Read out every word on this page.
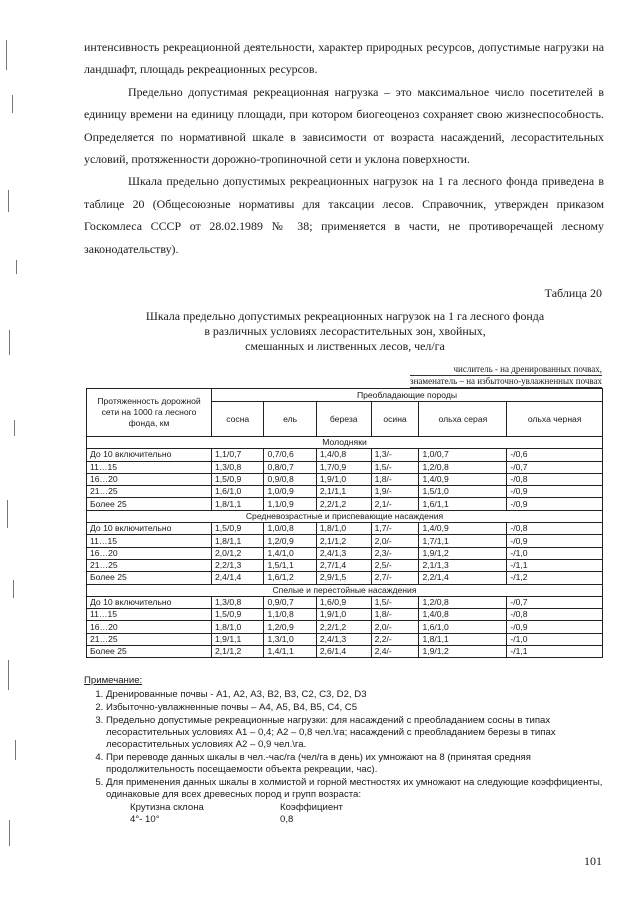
интенсивность рекреационной деятельности, характер природных ресурсов, допустимые нагрузки на ландшафт, площадь рекреационных ресурсов.
Предельно допустимая рекреационная нагрузка – это максимальное число посетителей в единицу времени на единицу площади, при котором биогеоценоз сохраняет свою жизнеспособность. Определяется по нормативной шкале в зависимости от возраста насаждений, лесорастительных условий, протяженности дорожно-тропиночной сети и уклона поверхности.
Шкала предельно допустимых рекреационных нагрузок на 1 га лесного фонда приведена в таблице 20 (Общесоюзные нормативы для таксации лесов. Справочник, утвержден приказом Госкомлеса СССР от 28.02.1989 № 38; применяется в части, не противоречащей лесному законодательству).
Таблица 20
Шкала предельно допустимых рекреационных нагрузок на 1 га лесного фонда
в различных условиях лесорастительных зон, хвойных,
смешанных и лиственных лесов, чел/га
числитель - на дренированных почвах,
знаменатель – на избыточно-увлажненных почвах
Протяженность дорожной сети на 1000 га лесного фонда, км	Преобладающие породы					
	сосна	ель	береза	осина	ольха серая	ольха черная
Молодняки						
До 10 включительно	1,1/0,7	0,7/0,6	1,4/0,8	1,3/-	1,0/0,7	-/0,6
11…15	1,3/0,8	0,8/0,7	1,7/0,9	1,5/-	1,2/0,8	-/0,7
16…20	1,5/0,9	0,9/0,8	1,9/1,0	1,8/-	1,4/0,9	-/0,8
21…25	1,6/1,0	1,0/0,9	2,1/1,1	1,9/-	1,5/1,0	-/0,9
Более 25	1,8/1,1	1,1/0,9	2,2/1,2	2,1/-	1,6/1,1	-/0,9
Средневозрастные и приспевающие насаждения						
До 10 включительно	1,5/0,9	1,0/0,8	1,8/1,0	1,7/-	1,4/0,9	-/0,8
11…15	1,8/1,1	1,2/0,9	2,1/1,2	2,0/-	1,7/1,1	-/0,9
16…20	2,0/1,2	1,4/1,0	2,4/1,3	2,3/-	1,9/1,2	-/1,0
21…25	2,2/1,3	1,5/1,1	2,7/1,4	2,5/-	2,1/1,3	-/1,1
Более 25	2,4/1,4	1,6/1,2	2,9/1,5	2,7/-	2,2/1,4	-/1,2
Спелые и перестойные насаждения						
До 10 включительно	1,3/0,8	0,9/0,7	1,6/0,9	1,5/-	1,2/0,8	-/0,7
11…15	1,5/0,9	1,1/0,8	1,9/1,0	1,8/-	1,4/0,8	-/0,8
16…20	1,8/1,0	1,2/0,9	2,2/1,2	2,0/-	1,6/1,0	-/0,9
21…25	1,9/1,1	1,3/1,0	2,4/1,3	2,2/-	1,8/1,1	-/1,0
Более 25	2,1/1,2	1,4/1,1	2,6/1,4	2,4/-	1,9/1,2	-/1,1
Примечание:
1. Дренированные почвы - А1, А2, А3, В2, В3, С2, С3, D2, D3
2. Избыточно-увлажненные почвы – А4, А5, В4, В5, С4, С5
3. Предельно допустимые рекреационные нагрузки: для насаждений с преобладанием сосны в типах лесорастительных условиях А1 – 0,4; А2 – 0,8 чел.\га; насаждений с преобладанием березы в типах лесорастительных условиях А2 – 0,9 чел.\га.
4. При переводе данных шкалы в чел.-час/га (чел/га в день) их умножают на 8 (принятая средняя продолжительность посещаемости объекта рекреации, час).
5. Для применения данных шкалы в холмистой и горной местностях их умножают на следующие коэффициенты, одинаковые для всех древесных пород и групп возраста:
Крутизна склона	Коэффициент
4°- 10°	0,8
101
